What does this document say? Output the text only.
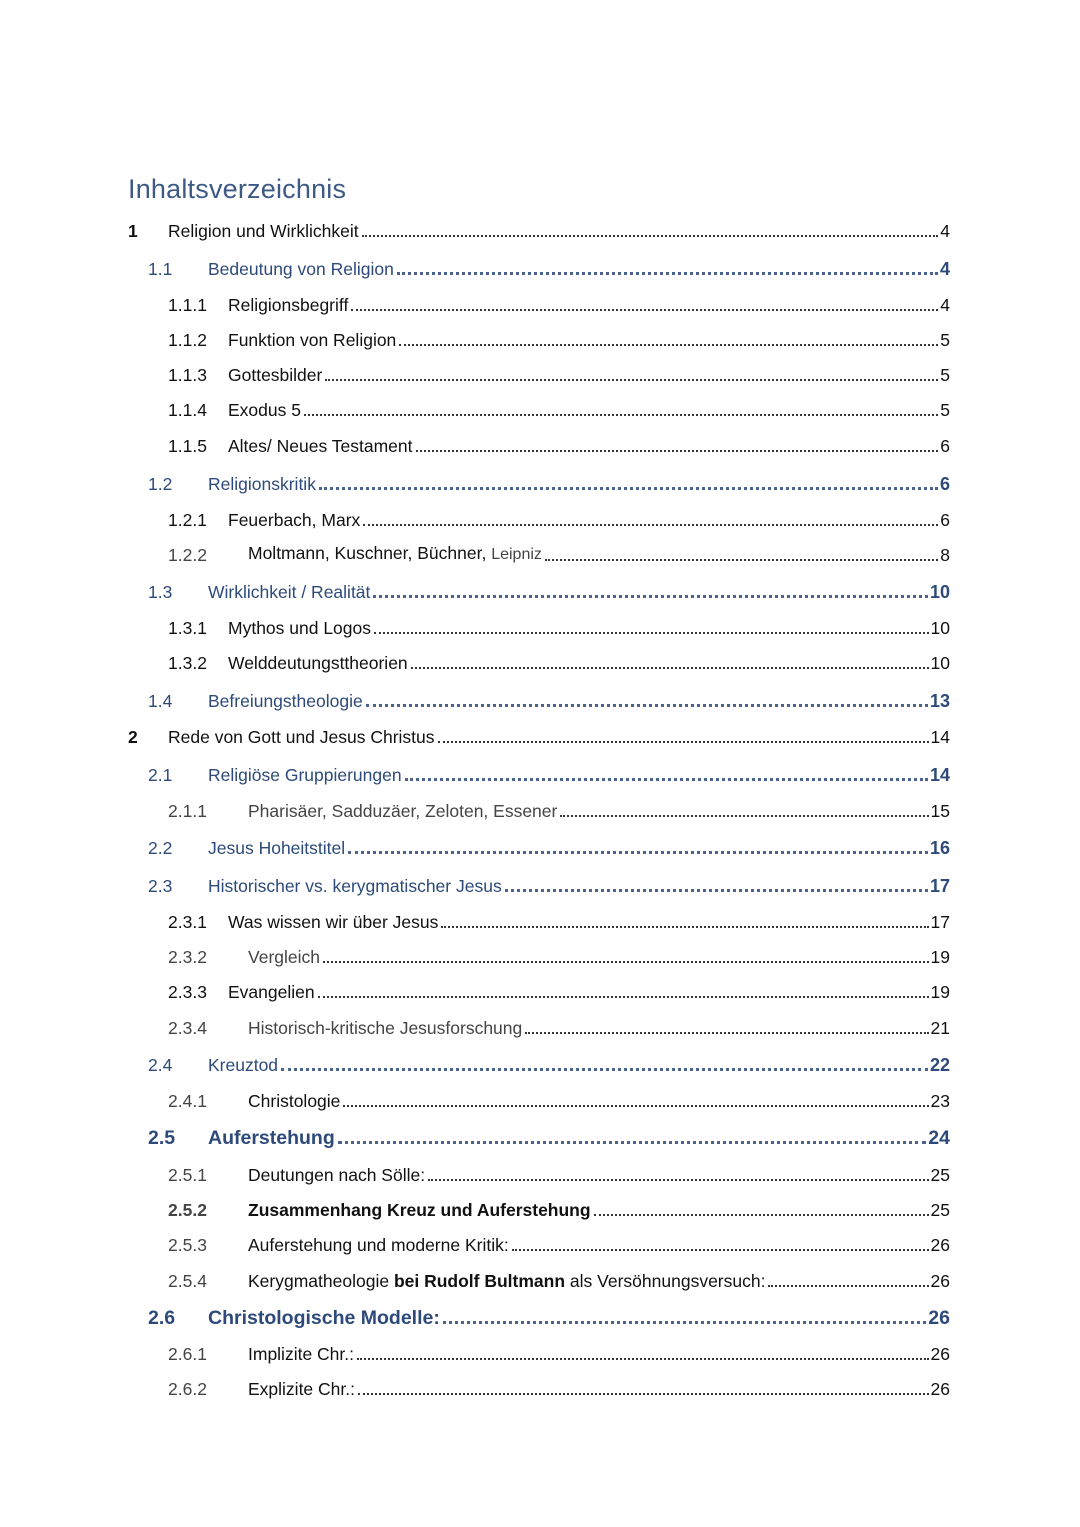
Inhaltsverzeichnis
1	Religion und Wirklichkeit	4
1.1	Bedeutung von Religion	4
1.1.1	Religionsbegriff	4
1.1.2	Funktion von Religion	5
1.1.3	Gottesbilder	5
1.1.4	Exodus 5	5
1.1.5	Altes/ Neues Testament	6
1.2	Religionskritik	6
1.2.1	Feuerbach, Marx	6
1.2.2	Moltmann, Kuschner, Büchner, Leipniz	8
1.3	Wirklichkeit / Realität	10
1.3.1	Mythos und Logos	10
1.3.2	Welddeutungsttheorien	10
1.4	Befreiungstheologie	13
2	Rede von Gott und Jesus Christus	14
2.1	Religiöse Gruppierungen	14
2.1.1	Pharisäer, Sadduzäer, Zeloten, Essener	15
2.2	Jesus Hoheitstitel	16
2.3	Historischer vs. kerygmatischer Jesus	17
2.3.1	Was wissen wir über Jesus	17
2.3.2	Vergleich	19
2.3.3	Evangelien	19
2.3.4	Historisch-kritische Jesusforschung	21
2.4	Kreuztod	22
2.4.1	Christologie	23
2.5	Auferstehung	24
2.5.1	Deutungen nach Sölle:	25
2.5.2	Zusammenhang Kreuz und Auferstehung	25
2.5.3	Auferstehung und moderne Kritik:	26
2.5.4	Kerygmatheologie bei Rudolf Bultmann als Versöhnungsversuch:	26
2.6	Christologische Modelle:	26
2.6.1	Implizite Chr.:	26
2.6.2	Explizite Chr.:	26
